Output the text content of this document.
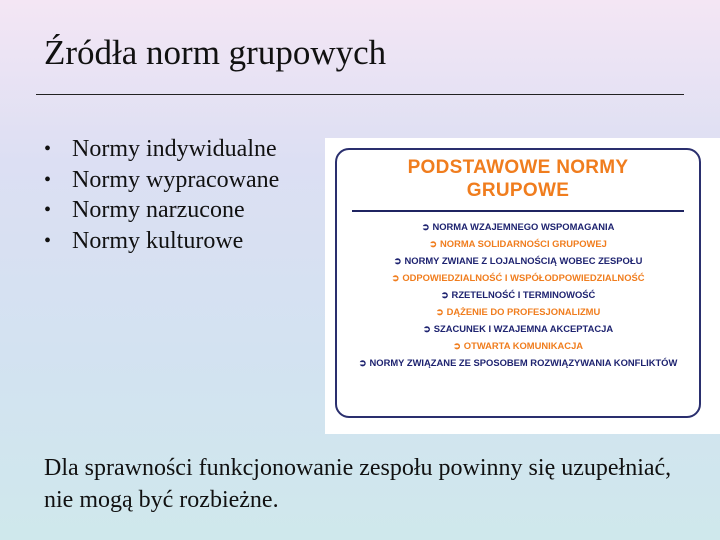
Źródła norm grupowych
• Normy indywidualne
• Normy wypracowane
• Normy narzucone
• Normy kulturowe
PODSTAWOWE NORMY
GRUPOWE
➲ NORMA WZAJEMNEGO WSPOMAGANIA
➲ NORMA SOLIDARNOŚCI GRUPOWEJ
➲ NORMY ZWIANE Z LOJALNOŚCIĄ WOBEC ZESPOŁU
➲ ODPOWIEDZIALNOŚĆ I WSPÓŁODPOWIEDZIALNOŚĆ
➲ RZETELNOŚĆ I TERMINOWOŚĆ
➲ DĄŻENIE DO PROFESJONALIZMU
➲ SZACUNEK I WZAJEMNA AKCEPTACJA
➲ OTWARTA KOMUNIKACJA
➲ NORMY ZWIĄZANE ZE SPOSOBEM ROZWIĄZYWANIA KONFLIKTÓW

Dla sprawności funkcjonowanie zespołu powinny się uzupełniać, nie mogą być rozbieżne.
